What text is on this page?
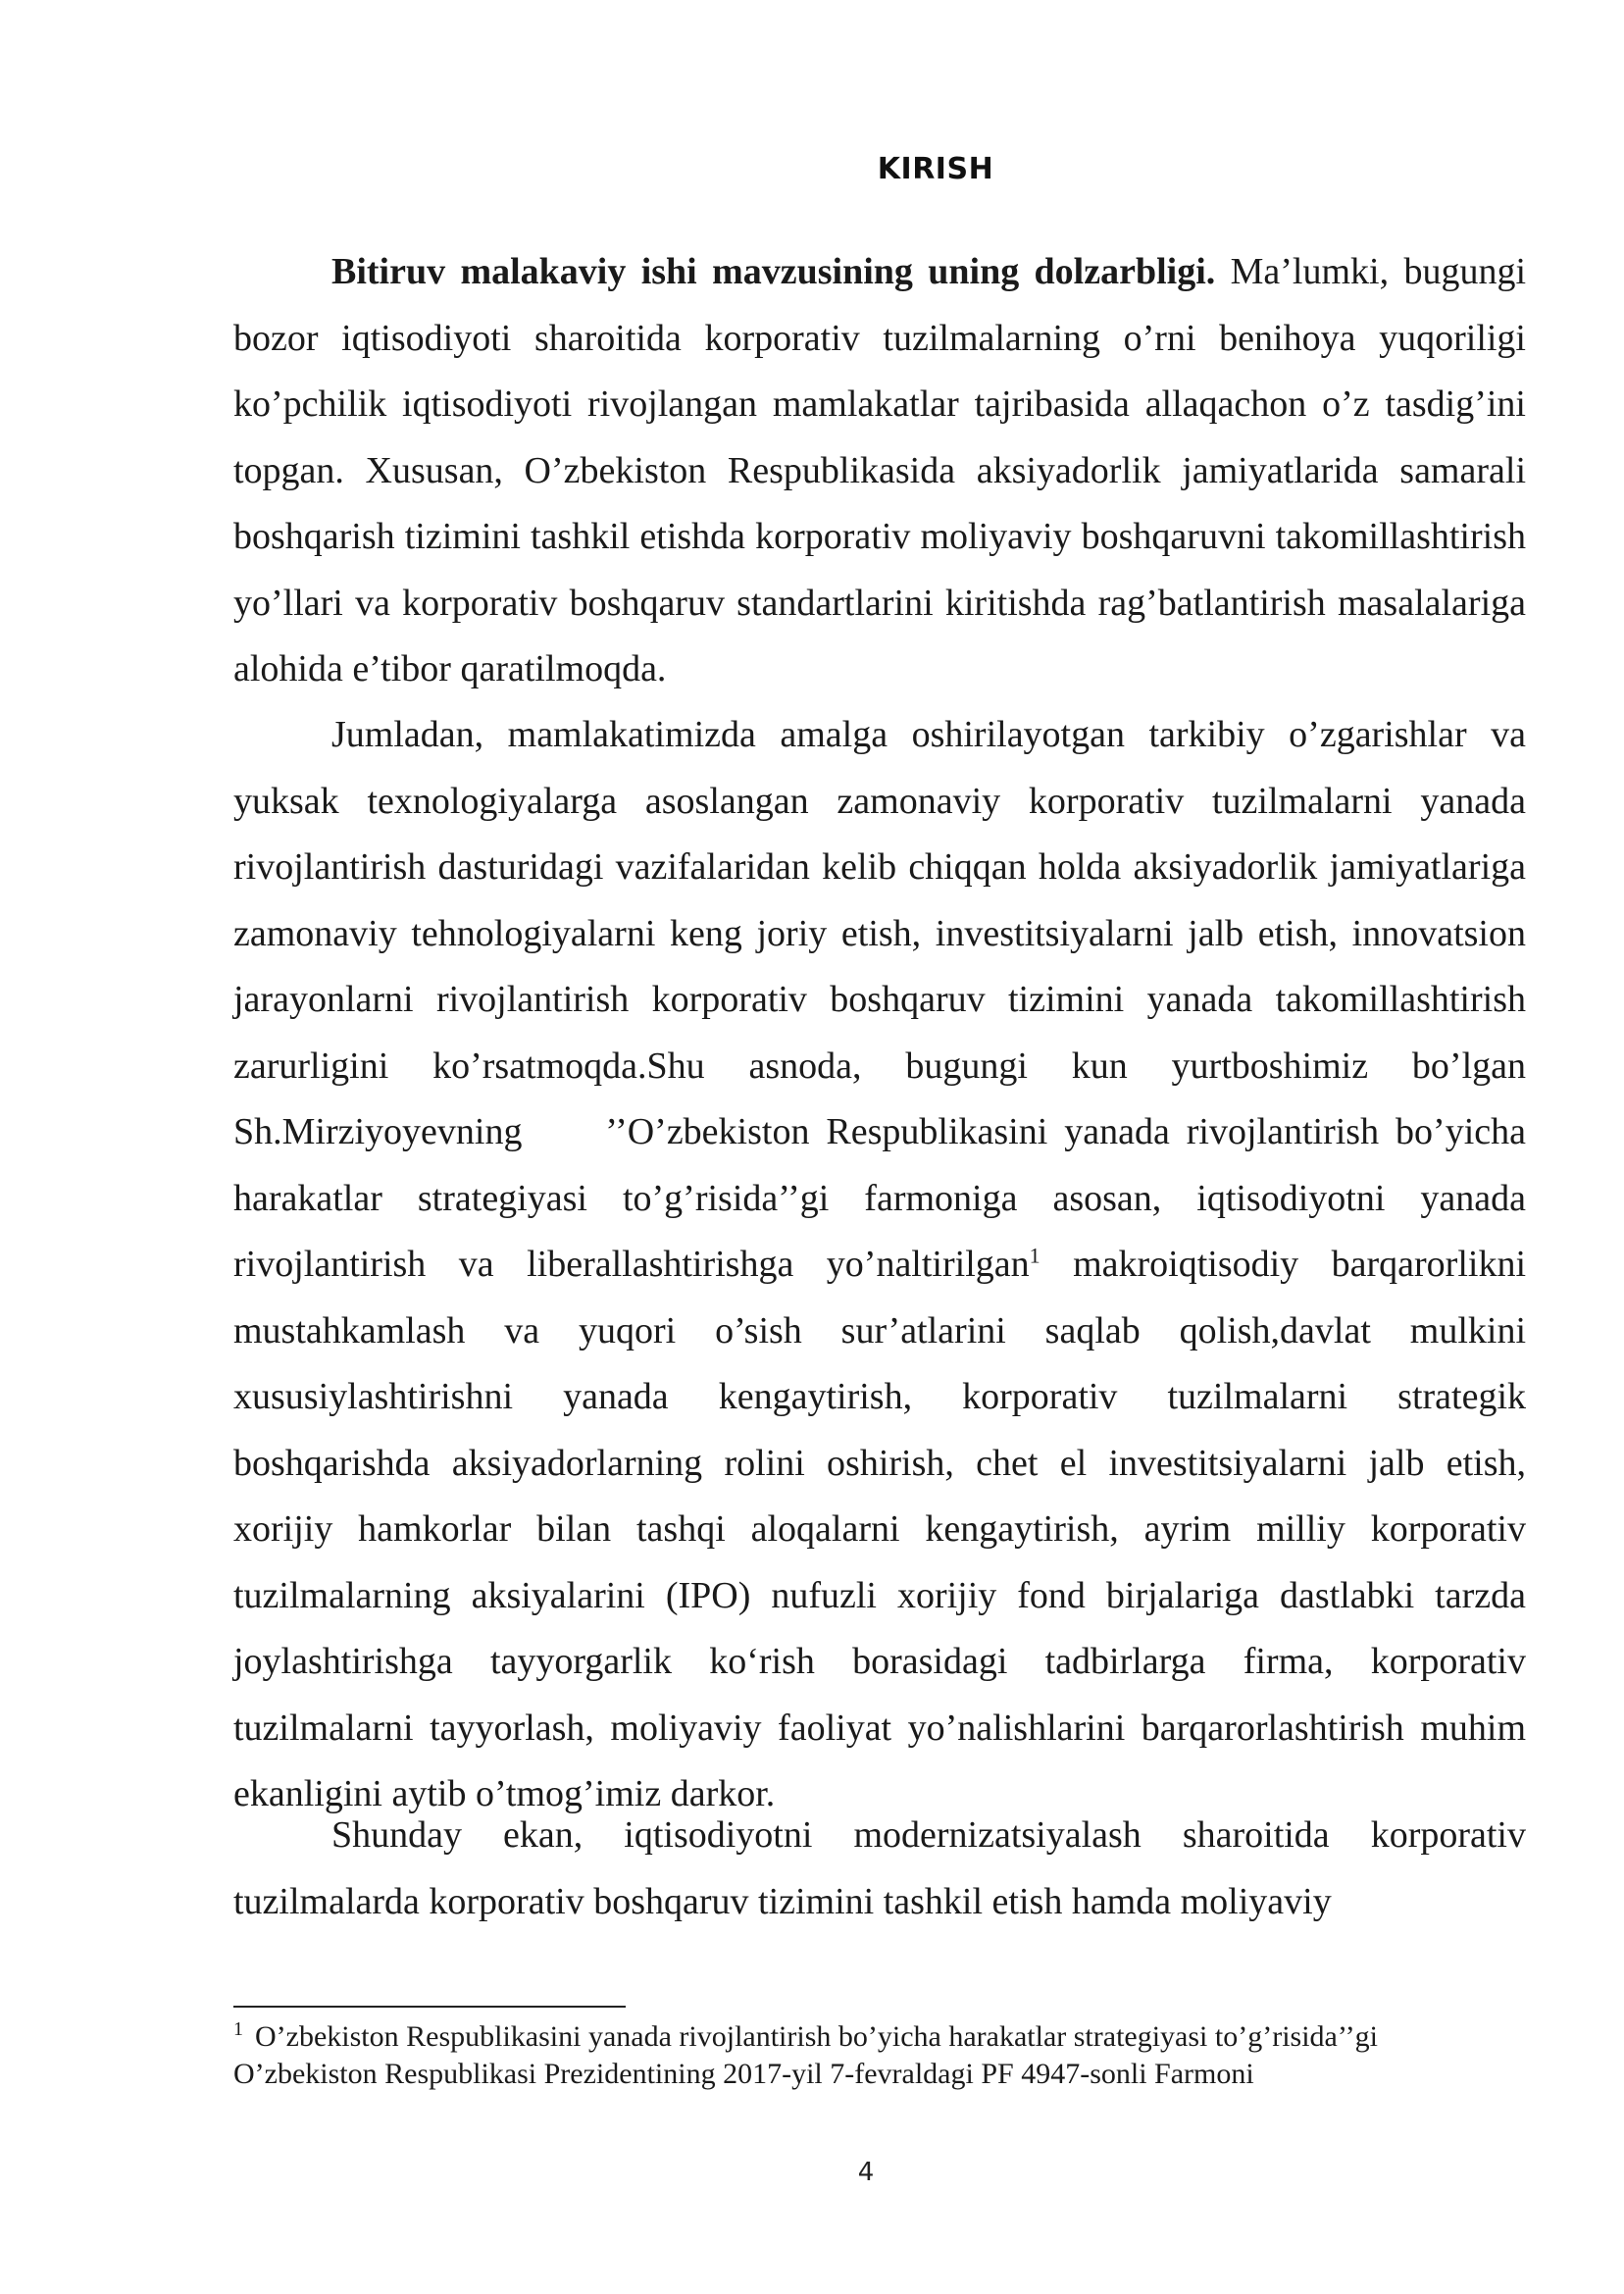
KIRISH

Bitiruv malakaviy ishi mavzusining uning dolzarbligi. Ma’lumki, bugungi bozor iqtisodiyoti sharoitida korporativ tuzilmalarning o’rni benihoya yuqoriligi ko’pchilik iqtisodiyoti rivojlangan mamlakatlar tajribasida allaqachon o’z tasdig’ini topgan. Xususan, O’zbekiston Respublikasida aksiyadorlik jamiyatlarida samarali boshqarish tizimini tashkil etishda korporativ moliyaviy boshqaruvni takomillashtirish yo’llari va korporativ boshqaruv standartlarini kiritishda rag’batlantirish masalalariga alohida e’tibor qaratilmoqda.

Jumladan, mamlakatimizda amalga oshirilayotgan tarkibiy o’zgarishlar va yuksak texnologiyalarga asoslangan zamonaviy korporativ tuzilmalarni yanada rivojlantirish dasturidagi vazifalaridan kelib chiqqan holda aksiyadorlik jamiyatlariga zamonaviy tehnologiyalarni keng joriy etish, investitsiyalarni jalb etish, innovatsion jarayonlarni rivojlantirish korporativ boshqaruv tizimini yanada takomillashtirish zarurligini ko’rsatmoqda.Shu asnoda, bugungi kun yurtboshimiz bo’lgan Sh.Mirziyoyevning     ’’O’zbekiston Respublikasini yanada rivojlantirish bo’yicha harakatlar strategiyasi to’g’risida’’gi farmoniga asosan, iqtisodiyotni yanada rivojlantirish va liberallashtirishga yo’naltirilgan$^1$ makroiqtisodiy barqarorlikni mustahkamlash va yuqori o’sish sur’atlarini saqlab qolish,davlat mulkini xususiylashtirishni yanada kengaytirish, korporativ tuzilmalarni strategik boshqarishda aksiyadorlarning rolini oshirish, chet el investitsiyalarni jalb etish, xorijiy hamkorlar bilan tashqi aloqalarni kengaytirish, ayrim milliy korporativ tuzilmalarning aksiyalarini (IPO) nufuzli xorijiy fond birjalariga dastlabki tarzda joylashtirishga tayyorgarlik ko‘rish borasidagi tadbirlarga firma, korporativ tuzilmalarni tayyorlash, moliyaviy faoliyat yo’nalishlarini barqarorlashtirish muhim ekanligini aytib o’tmog’imiz darkor.

Shunday ekan, iqtisodiyotni modernizatsiyalash sharoitida korporativ tuzilmalarda korporativ boshqaruv tizimini tashkil etish hamda moliyaviy

$^1$ O’zbekiston Respublikasini yanada rivojlantirish bo’yicha harakatlar strategiyasi to’g’risida’’gi O’zbekiston Respublikasi Prezidentining 2017-yil 7-fevraldagi PF 4947-sonli Farmoni
4
